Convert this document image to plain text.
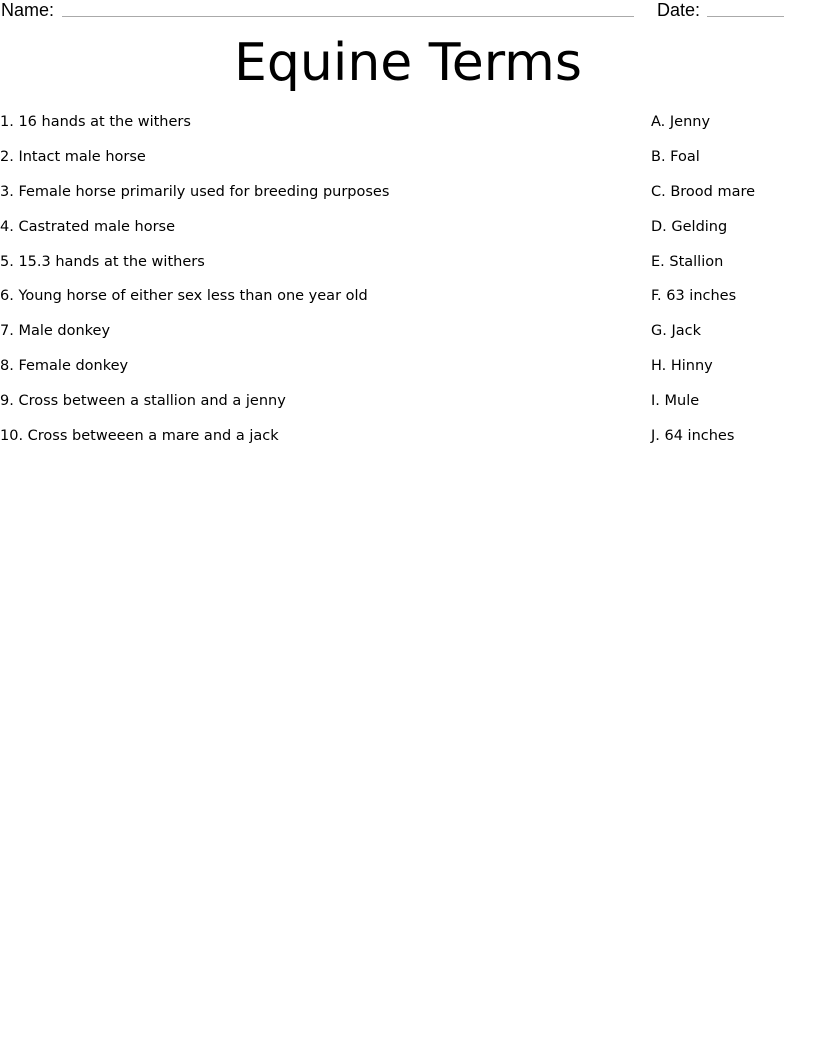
Name:	Date:
Equine Terms
1. 16 hands at the withers
2. Intact male horse
3. Female horse primarily used for breeding purposes
4. Castrated male horse
5. 15.3 hands at the withers
6. Young horse of either sex less than one year old
7. Male donkey
8. Female donkey
9. Cross between a stallion and a jenny
10. Cross betweeen a mare and a jack
A. Jenny
B. Foal
C. Brood mare
D. Gelding
E. Stallion
F. 63 inches
G. Jack
H. Hinny
I. Mule
J. 64 inches
